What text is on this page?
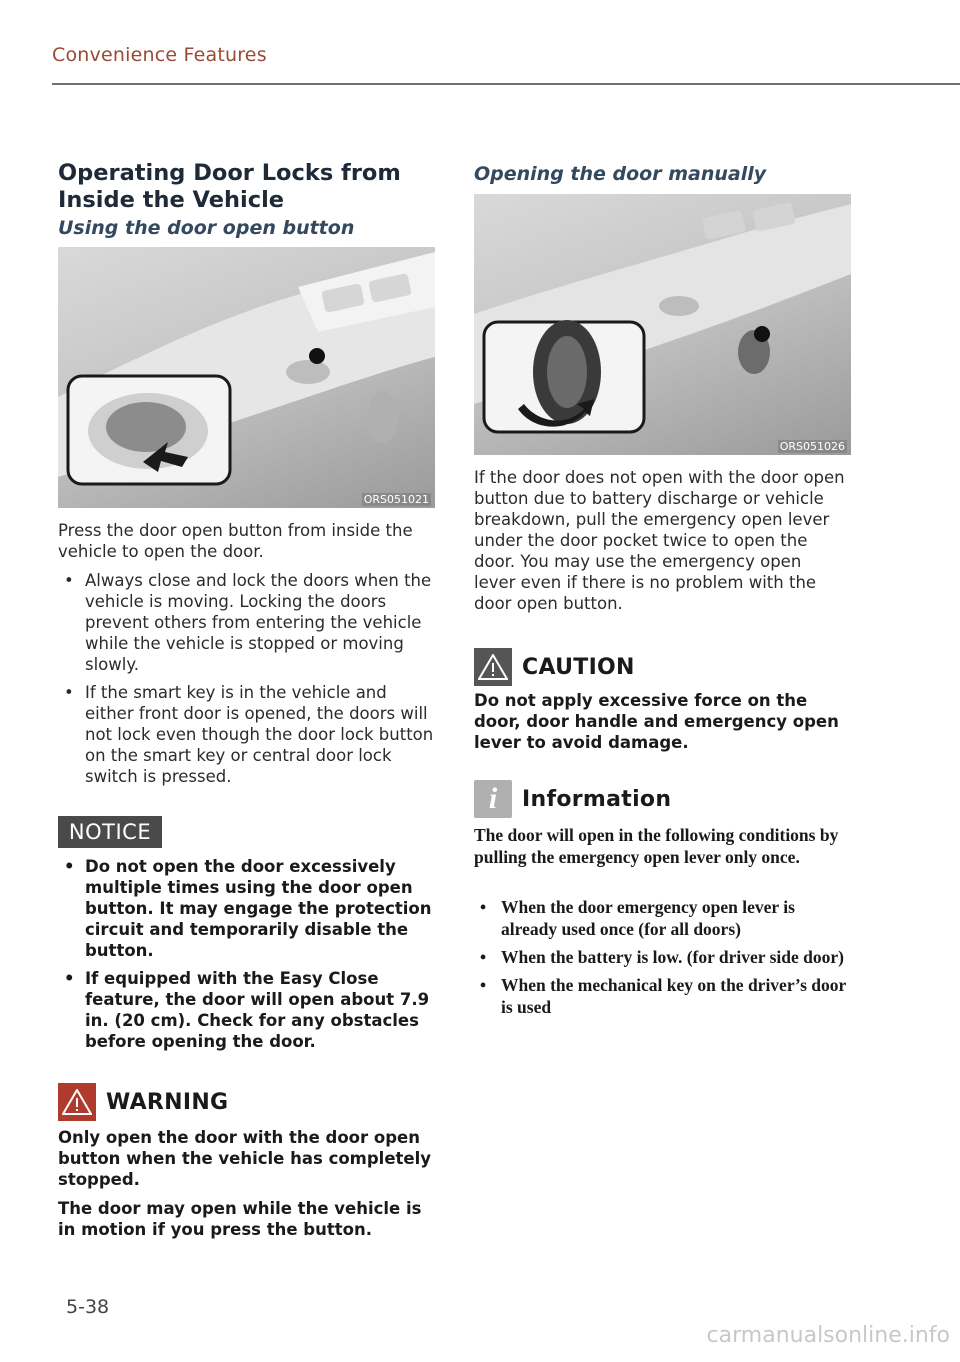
Convenience Features
Operating Door Locks from Inside the Vehicle
Using the door open button
ORS051021
Press the door open button from inside the vehicle to open the door.
• Always close and lock the doors when the vehicle is moving. Locking the doors prevent others from entering the vehicle while the vehicle is stopped or moving slowly.
• If the smart key is in the vehicle and either front door is opened, the doors will not lock even though the door lock button on the smart key or central door lock switch is pressed.
NOTICE
• Do not open the door excessively multiple times using the door open button. It may engage the protection circuit and temporarily disable the button.
• If equipped with the Easy Close feature, the door will open about 7.9 in. (20 cm). Check for any obstacles before opening the door.
WARNING
Only open the door with the door open button when the vehicle has completely stopped.
The door may open while the vehicle is in motion if you press the button.
Opening the door manually
ORS051026
If the door does not open with the door open button due to battery discharge or vehicle breakdown, pull the emergency open lever under the door pocket twice to open the door. You may use the emergency open lever even if there is no problem with the door open button.
CAUTION
Do not apply excessive force on the door, door handle and emergency open lever to avoid damage.
i Information
The door will open in the following conditions by pulling the emergency open lever only once.
• When the door emergency open lever is already used once (for all doors)
• When the battery is low. (for driver side door)
• When the mechanical key on the driver’s door is used
5-38
carmanualsonline.info
